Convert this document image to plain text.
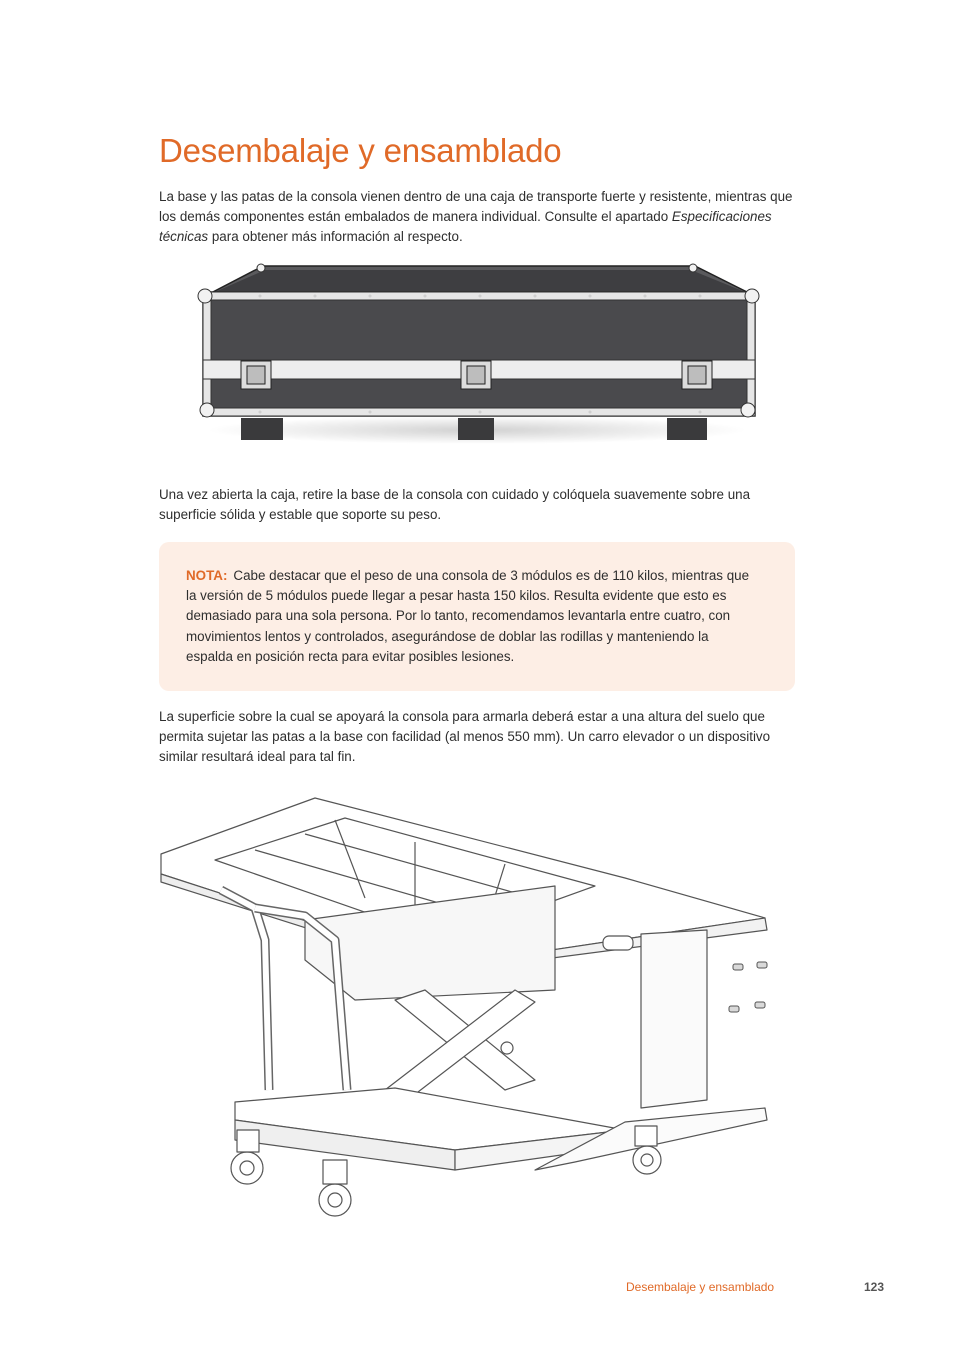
Desembalaje y ensamblado

La base y las patas de la consola vienen dentro de una caja de transporte fuerte y resistente, mientras que los demás componentes están embalados de manera individual. Consulte el apartado Especificaciones técnicas para obtener más información al respecto.

Una vez abierta la caja, retire la base de la consola con cuidado y colóquela suavemente sobre una superficie sólida y estable que soporte su peso.

NOTA: Cabe destacar que el peso de una consola de 3 módulos es de 110 kilos, mientras que la versión de 5 módulos puede llegar a pesar hasta 150 kilos. Resulta evidente que esto es demasiado para una sola persona. Por lo tanto, recomendamos levantarla entre cuatro, con movimientos lentos y controlados, asegurándose de doblar las rodillas y manteniendo la espalda en posición recta para evitar posibles lesiones.

La superficie sobre la cual se apoyará la consola para armarla deberá estar a una altura del suelo que permita sujetar las patas a la base con facilidad (al menos 550 mm). Un carro elevador o un dispositivo similar resultará ideal para tal fin.

Desembalaje y ensamblado	123
